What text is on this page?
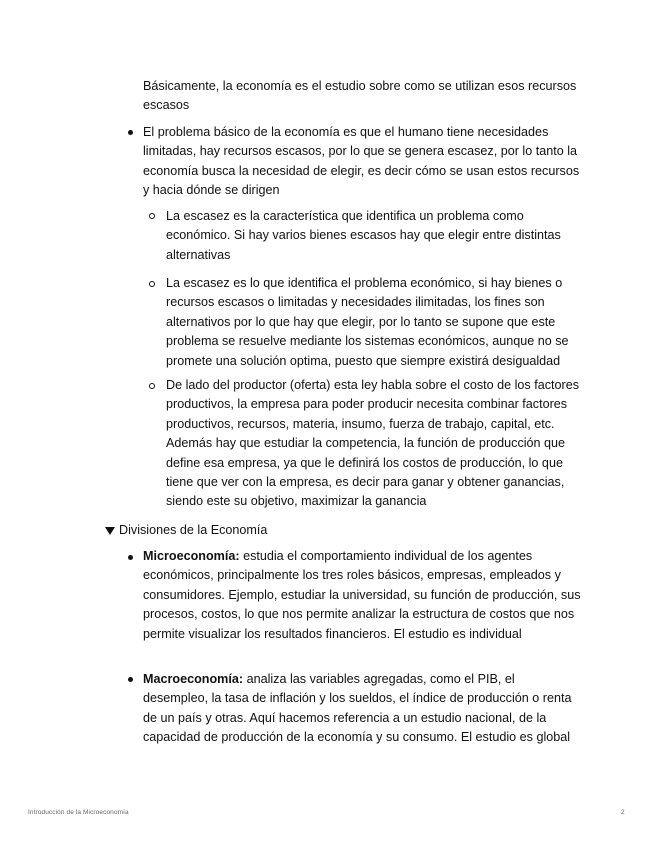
Básicamente, la economía es el estudio sobre como se utilizan esos recursos escasos

El problema básico de la economía es que el humano tiene necesidades limitadas, hay recursos escasos, por lo que se genera escasez, por lo tanto la economía busca la necesidad de elegir, es decir cómo se usan estos recursos y hacia dónde se dirigen

La escasez es la característica que identifica un problema como económico. Si hay varios bienes escasos hay que elegir entre distintas alternativas

La escasez es lo que identifica el problema económico, si hay bienes o recursos escasos o limitadas y necesidades ilimitadas, los fines son alternativos por lo que hay que elegir, por lo tanto se supone que este problema se resuelve mediante los sistemas económicos, aunque no se promete una solución optima, puesto que siempre existirá desigualdad

De lado del productor (oferta) esta ley habla sobre el costo de los factores productivos, la empresa para poder producir necesita combinar factores productivos, recursos, materia, insumo, fuerza de trabajo, capital, etc. Además hay que estudiar la competencia, la función de producción que define esa empresa, ya que le definirá los costos de producción, lo que tiene que ver con la empresa, es decir para ganar y obtener ganancias, siendo este su objetivo, maximizar la ganancia

Divisiones de la Economía

Microeconomía: estudia el comportamiento individual de los agentes económicos, principalmente los tres roles básicos, empresas, empleados y consumidores. Ejemplo, estudiar la universidad, su función de producción, sus procesos, costos, lo que nos permite analizar la estructura de costos que nos permite visualizar los resultados financieros. El estudio es individual

Macroeconomía: analiza las variables agregadas, como el PIB, el desempleo, la tasa de inflación y los sueldos, el índice de producción o renta de un país y otras. Aquí hacemos referencia a un estudio nacional, de la capacidad de producción de la economía y su consumo. El estudio es global

Introducción de la Microeconomía	2
